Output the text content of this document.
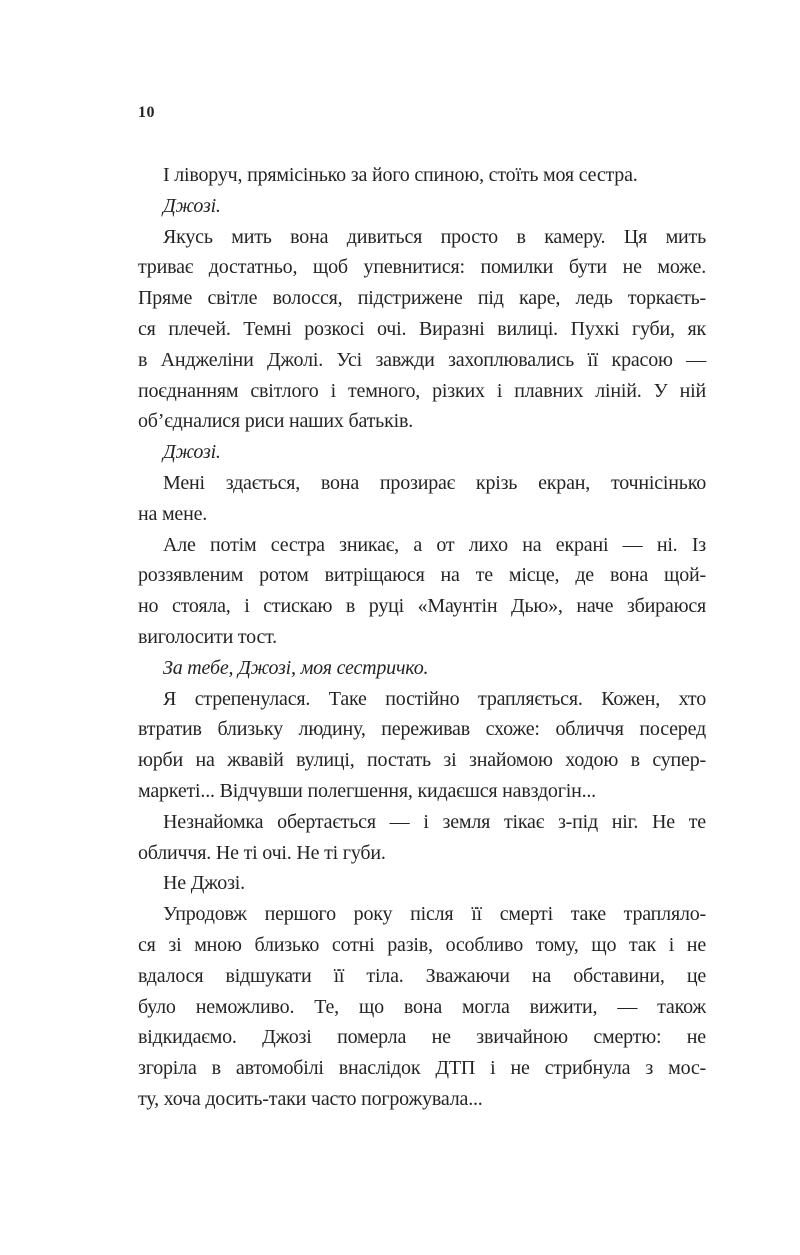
10
І ліворуч, прямісінько за його спиною, стоїть моя сестра.
Джозі.
Якусь мить вона дивиться просто в камеру. Ця мить
триває достатньо, щоб упевнитися: помилки бути не може.
Пряме світле волосся, підстрижене під каре, ледь торкаєть-
ся плечей. Темні розкосі очі. Виразні вилиці. Пухкі губи, як
в Анджеліни Джолі. Усі завжди захоплювались її красою —
поєднанням світлого і темного, різких і плавних ліній. У ній
об’єдналися риси наших батьків.
Джозі.
Мені здається, вона прозирає крізь екран, точнісінько
на мене.
Але потім сестра зникає, а от лихо на екрані — ні. Із
роззявленим ротом витріщаюся на те місце, де вона щой-
но стояла, і стискаю в руці «Маунтін Дью», наче збираюся
виголосити тост.
За тебе, Джозі, моя сестричко.
Я стрепенулася. Таке постійно трапляється. Кожен, хто
втратив близьку людину, переживав схоже: обличчя посеред
юрби на жвавій вулиці, постать зі знайомою ходою в супер-
маркеті... Відчувши полегшення, кидаєшся навздогін...
Незнайомка обертається — і земля тікає з-під ніг. Не те
обличчя. Не ті очі. Не ті губи.
Не Джозі.
Упродовж першого року після її смерті таке трапляло-
ся зі мною близько сотні разів, особливо тому, що так і не
вдалося відшукати її тіла. Зважаючи на обставини, це
було неможливо. Те, що вона могла вижити, — також
відкидаємо. Джозі померла не звичайною смертю: не
згоріла в автомобілі внаслідок ДТП і не стрибнула з мос-
ту, хоча досить-таки часто погрожувала...
